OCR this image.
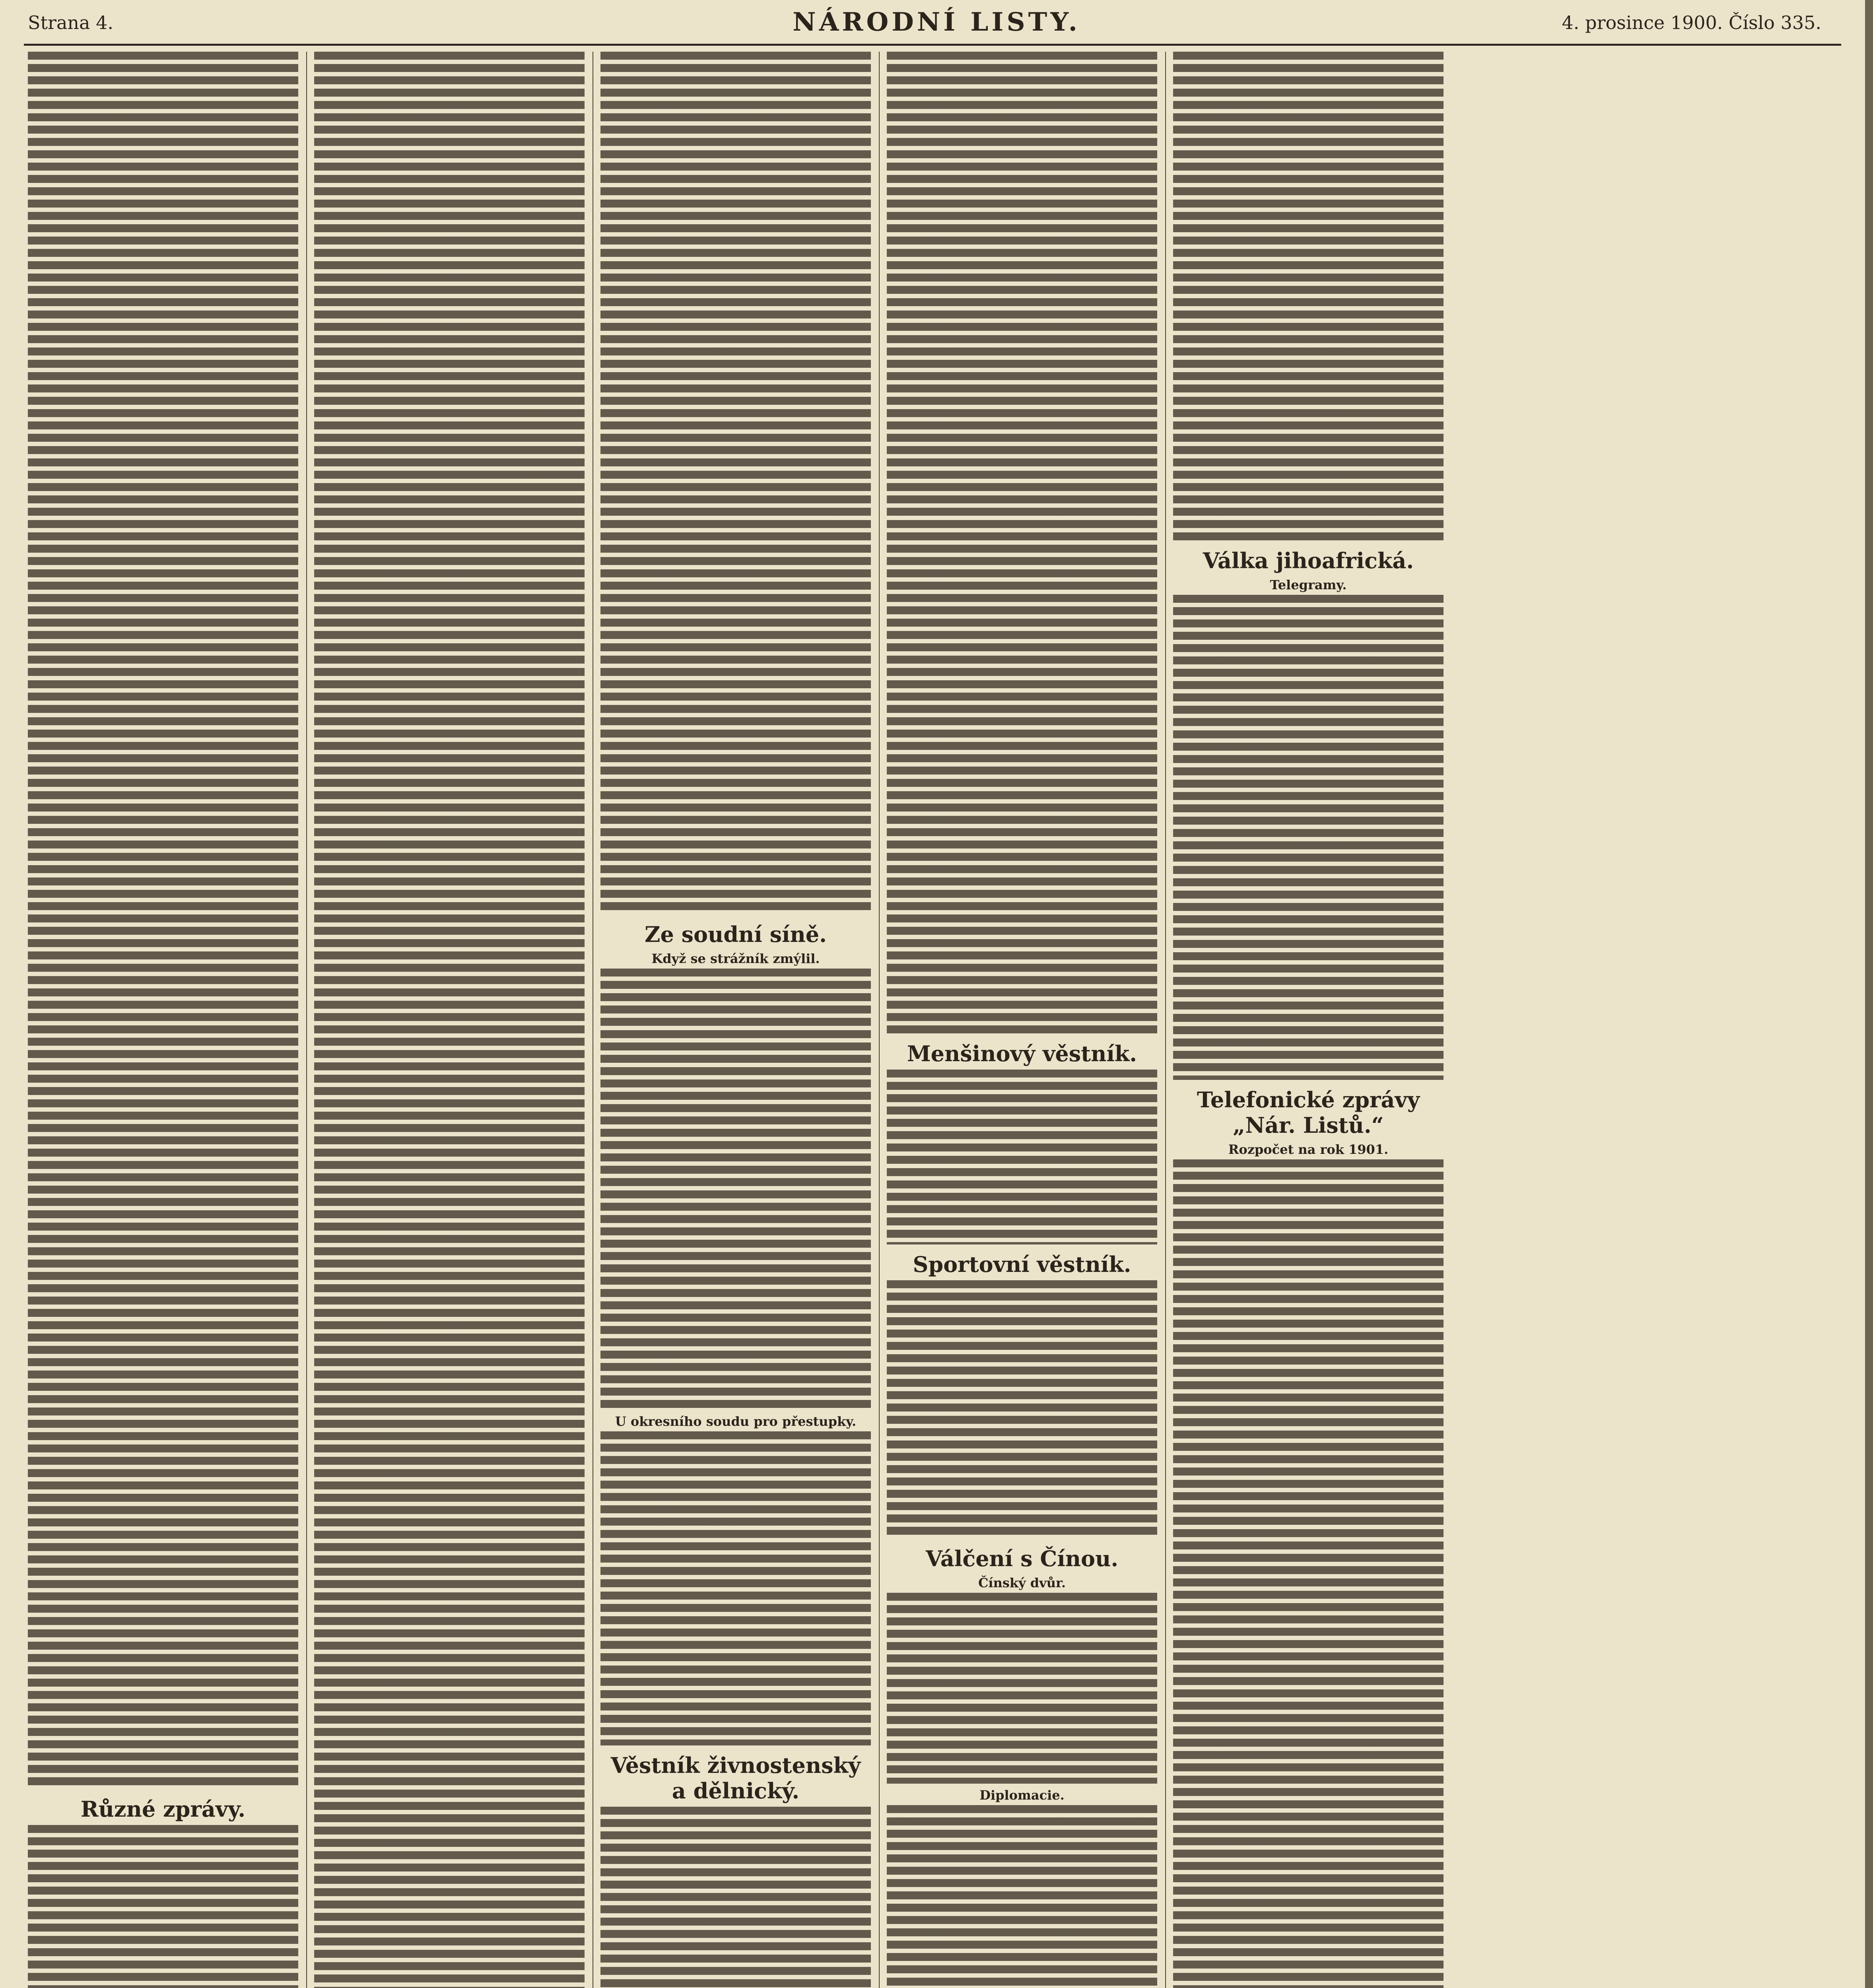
Strana 4.	NÁRODNÍ LISTY.	4. prosince 1900. Číslo 335.
Různé zprávy.
Ze soudní síně.
Když se strážník zmýlil.
U okresního soudu pro přestupky.
Věstník živnostenský a dělnický.
Menšinový věstník.
Sportovní věstník.
Válčení s Čínou.
Čínský dvůr.
Diplomacie.
Válka jihoafrická.
Telegramy.
Telefonické zprávy „Nár. Listů.“
Rozpočet na rok 1901.
